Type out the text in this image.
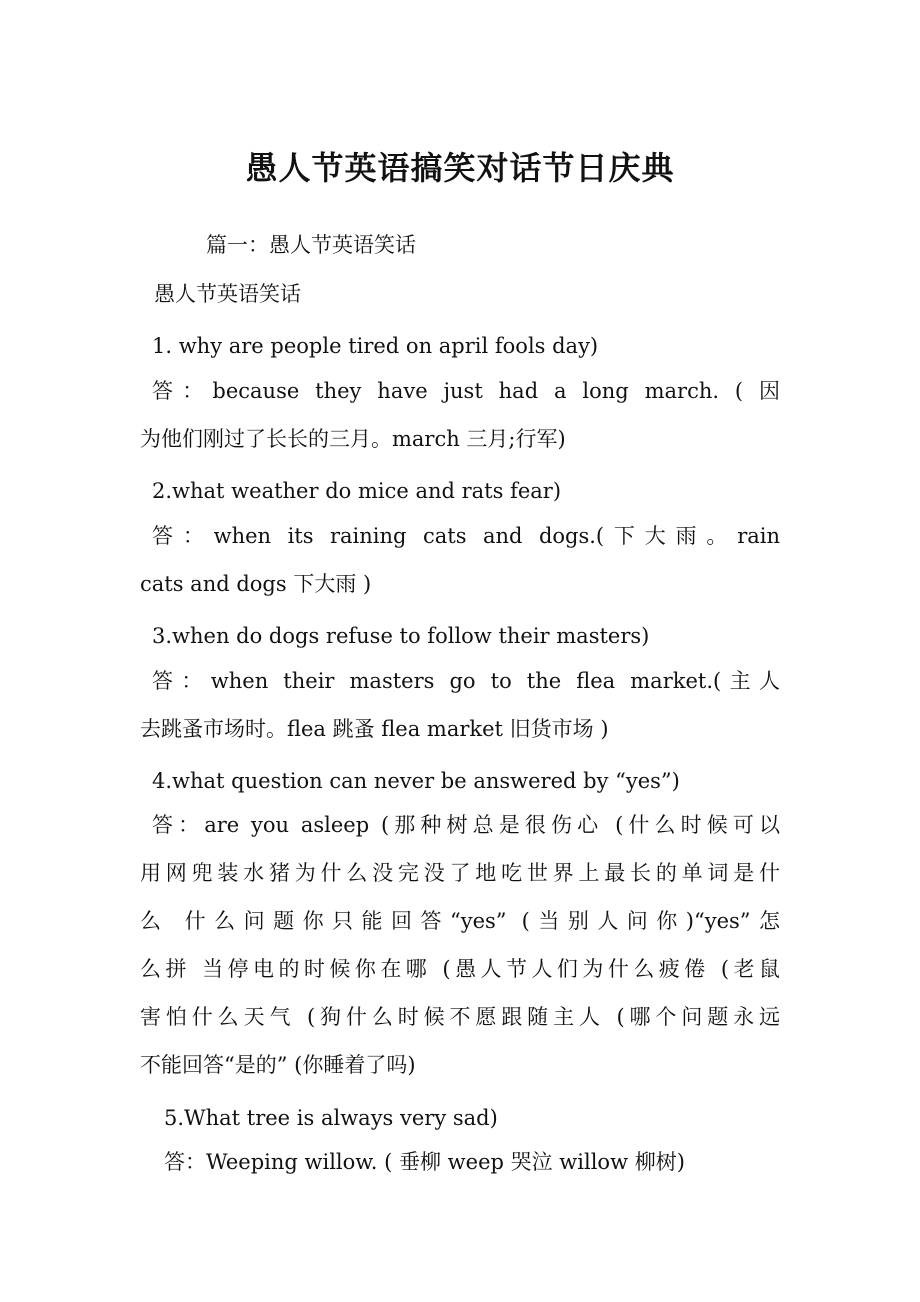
愚人节英语搞笑对话节日庆典

篇一：愚人节英语笑话

愚人节英语笑话

1. why are people tired on april fools day)

答：because they have just had a long march. ( 因

为他们刚过了长长的三月。march 三月;行军)

2.what weather do mice and rats fear)

答：when its raining cats and dogs.(下大雨。rain

cats and dogs 下大雨 )

3.when do dogs refuse to follow their masters)

答：when their masters go to the flea market.(主人

去跳蚤市场时。flea 跳蚤 flea market 旧货市场 )

4.what question can never be answered by “yes”)

答：are you asleep (那种树总是很伤心 (什么时候可以

用网兜装水猪为什么没完没了地吃世界上最长的单词是什

么 什么问题你只能回答“yes” (当别人问你)“yes”怎

么拼 当停电的时候你在哪 (愚人节人们为什么疲倦 (老鼠

害怕什么天气 (狗什么时候不愿跟随主人 (哪个问题永远

不能回答“是的” (你睡着了吗)

5.What tree is always very sad)

答：Weeping willow. ( 垂柳 weep 哭泣 willow 柳树)
